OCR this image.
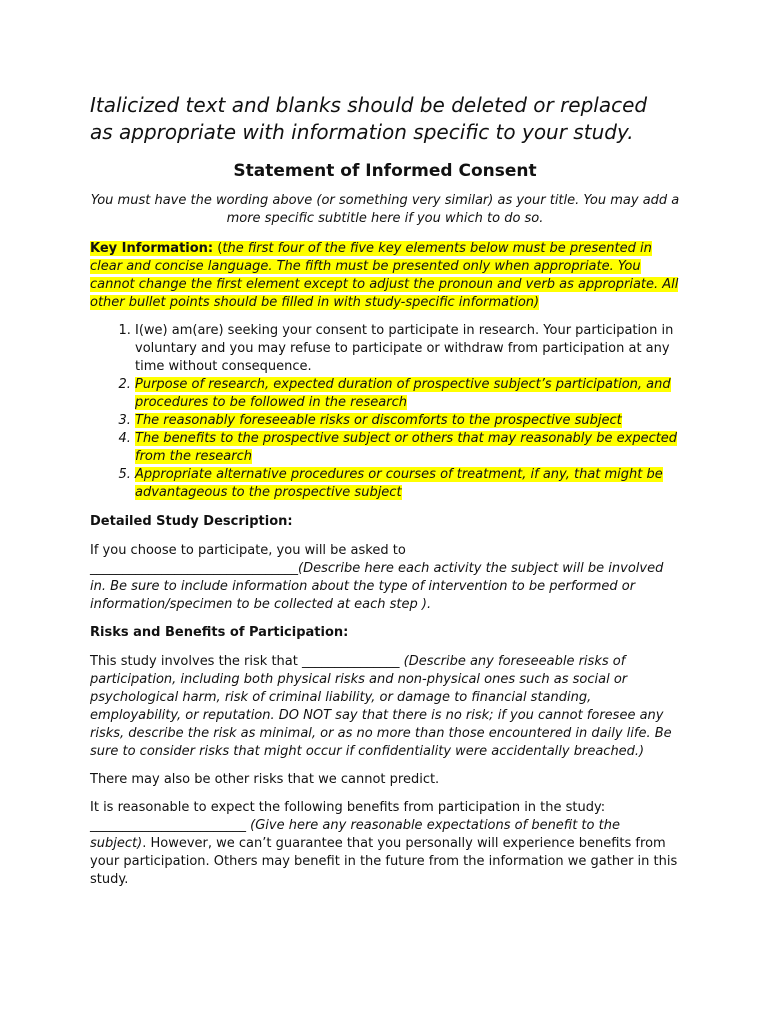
Italicized text and blanks should be deleted or replaced
as appropriate with information specific to your study.

Statement of Informed Consent

You must have the wording above (or something very similar) as your title. You may add a more specific subtitle here if you which to do so.

Key Information: (the first four of the five key elements below must be presented in clear and concise language. The fifth must be presented only when appropriate. You cannot change the first element except to adjust the pronoun and verb as appropriate. All other bullet points should be filled in with study-specific information)

1. I(we) am(are) seeking your consent to participate in research. Your participation in voluntary and you may refuse to participate or withdraw from participation at any time without consequence.
2. Purpose of research, expected duration of prospective subject’s participation, and procedures to be followed in the research
3. The reasonably foreseeable risks or discomforts to the prospective subject
4. The benefits to the prospective subject or others that may reasonably be expected from the research
5. Appropriate alternative procedures or courses of treatment, if any, that might be advantageous to the prospective subject
Detailed Study Description:

If you choose to participate, you will be asked to
________________________________(Describe here each activity the subject will be involved in. Be sure to include information about the type of intervention to be performed or information/specimen to be collected at each step ).

Risks and Benefits of Participation:

This study involves the risk that _______________ (Describe any foreseeable risks of participation, including both physical risks and non-physical ones such as social or psychological harm, risk of criminal liability, or damage to financial standing, employability, or reputation. DO NOT say that there is no risk; if you cannot foresee any risks, describe the risk as minimal, or as no more than those encountered in daily life. Be sure to consider risks that might occur if confidentiality were accidentally breached.)

There may also be other risks that we cannot predict.

It is reasonable to expect the following benefits from participation in the study: ________________________ (Give here any reasonable expectations of benefit to the subject). However, we can’t guarantee that you personally will experience benefits from your participation. Others may benefit in the future from the information we gather in this study.
